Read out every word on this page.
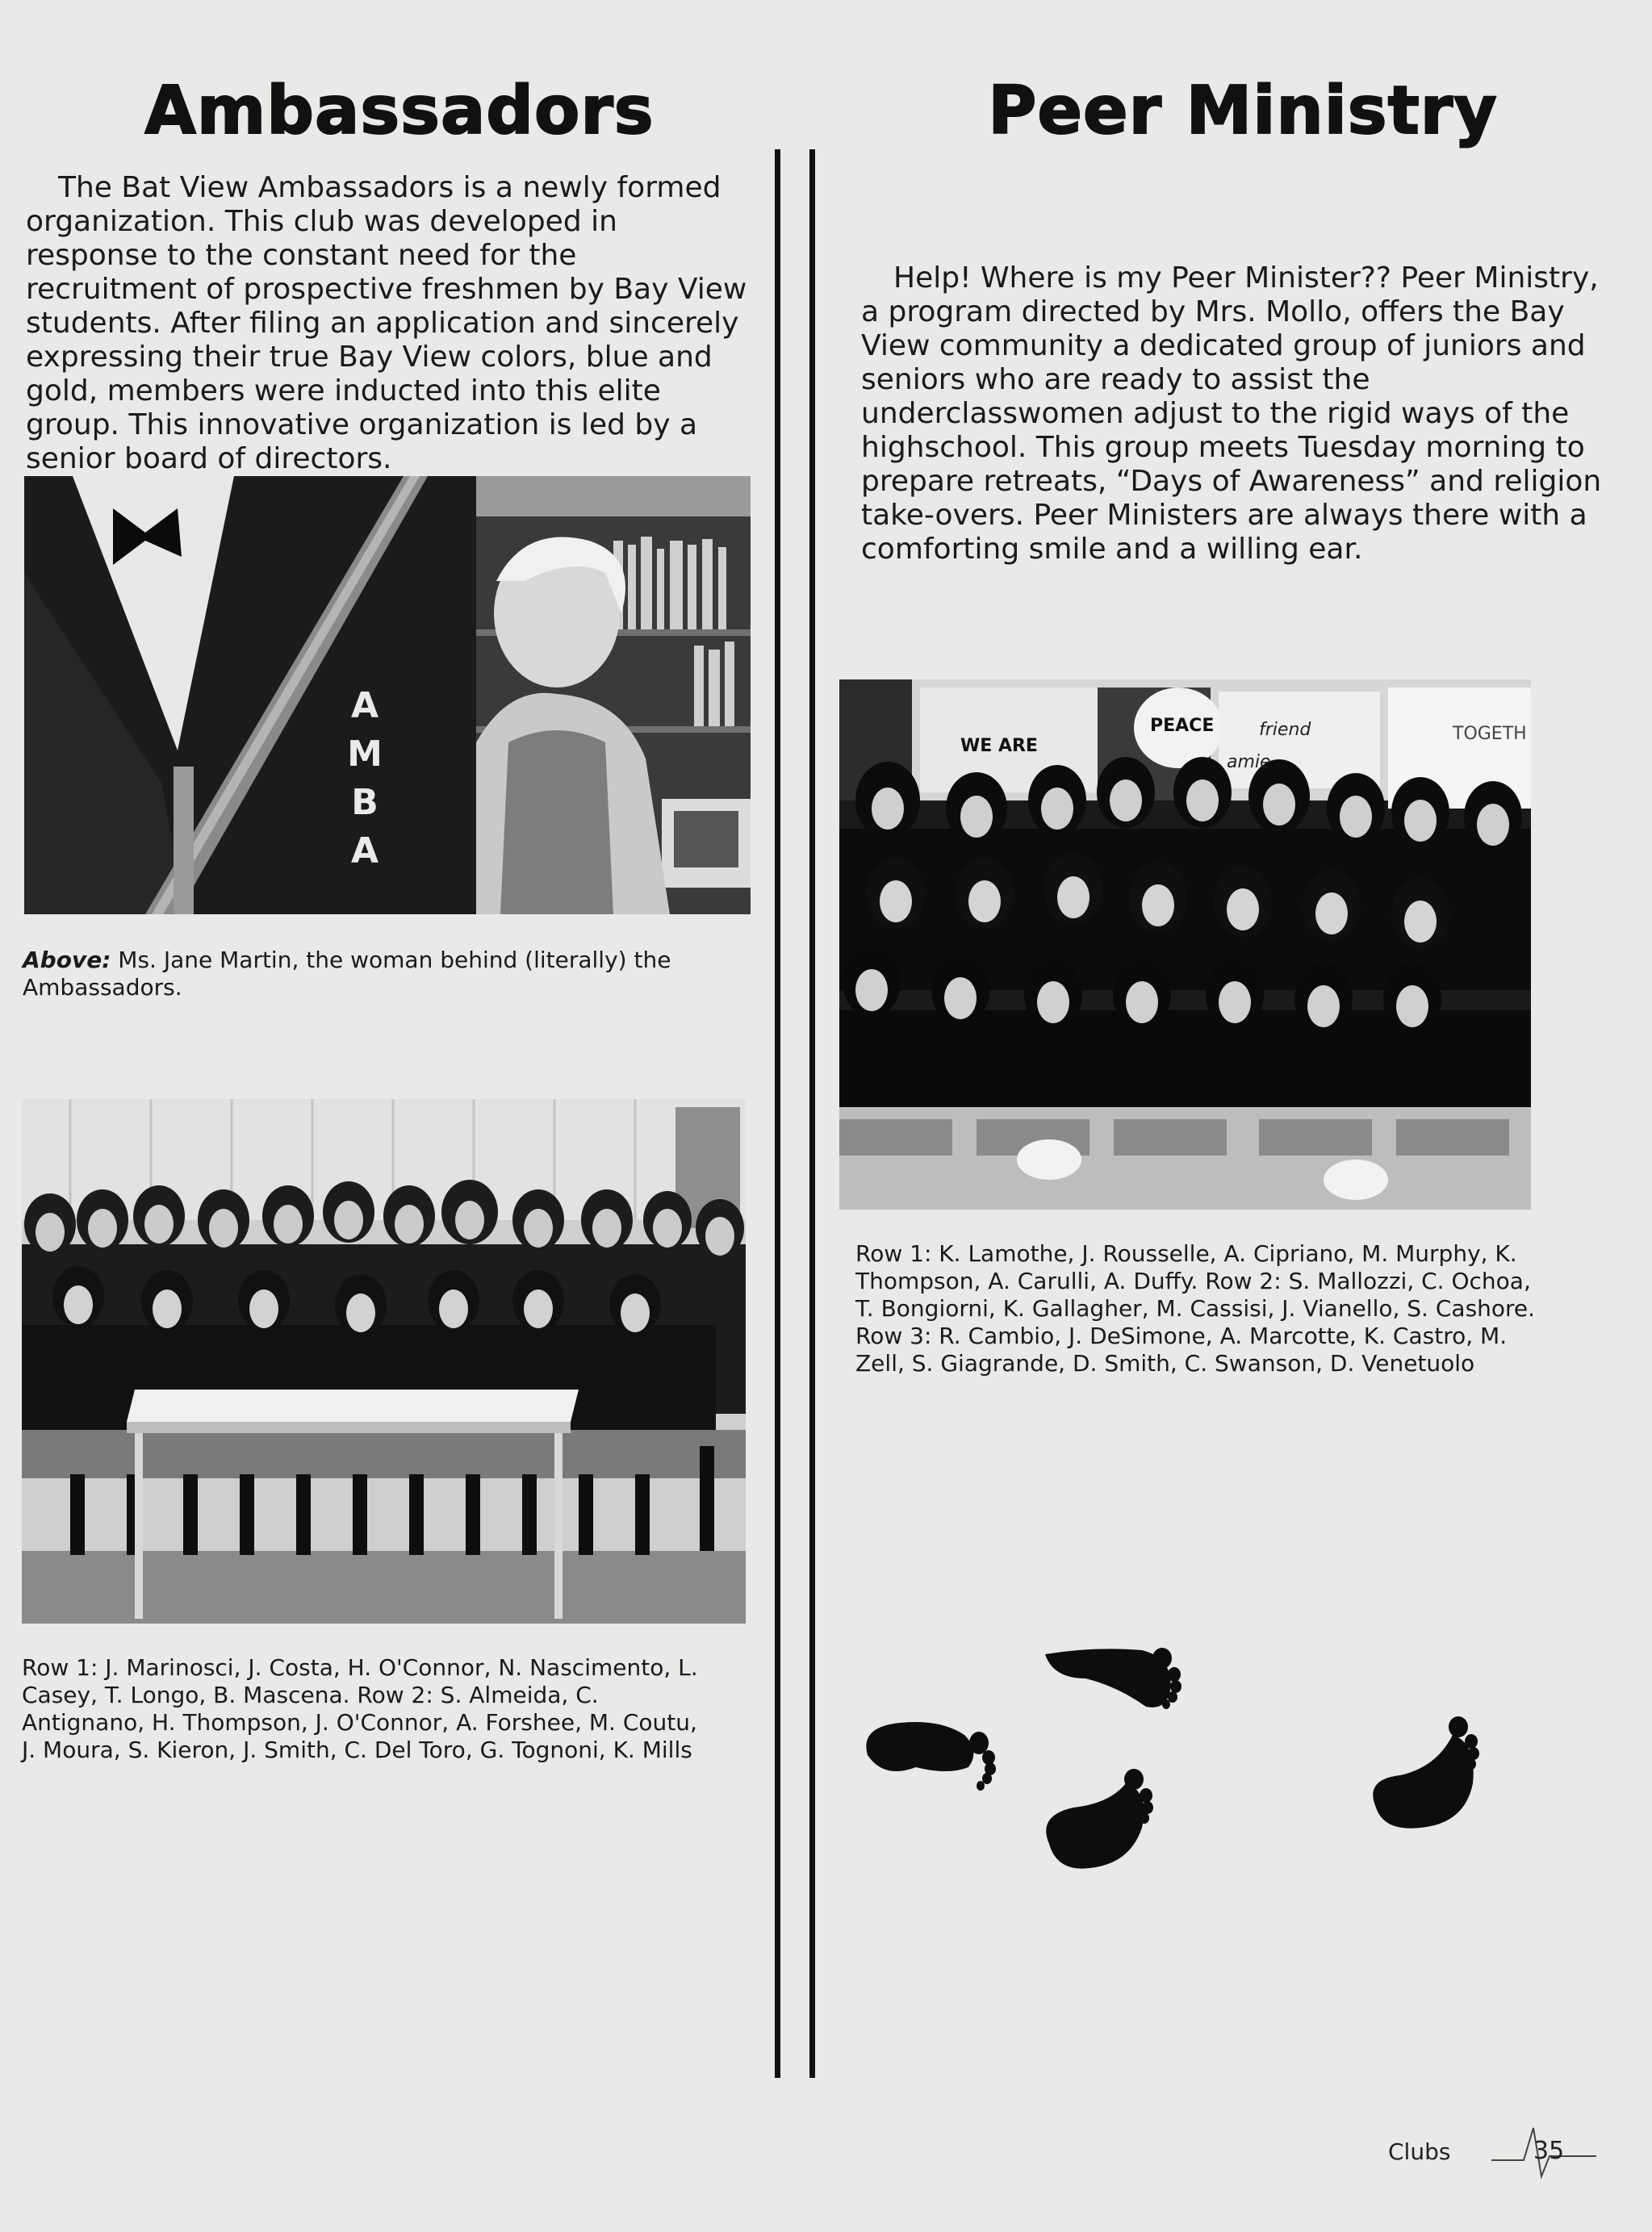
Ambassadors	Peer Ministry

The Bat View Ambassadors is a newly formed organization. This club was developed in response to the constant need for the recruitment of prospective freshmen by Bay View students. After filing an application and sincerely expressing their true Bay View colors, blue and gold, members were inducted into this elite group. This innovative organization is led by a senior board of directors.

A
M
B
A

Above: Ms. Jane Martin, the woman behind (literally) the Ambassadors.

Row 1: J. Marinosci, J. Costa, H. O'Connor, N. Nascimento, L. Casey, T. Longo, B. Mascena. Row 2: S. Almeida, C. Antignano, H. Thompson, J. O'Connor, A. Forshee, M. Coutu, J. Moura, S. Kieron, J. Smith, C. Del Toro, G. Tognoni, K. Mills

Help! Where is my Peer Minister?? Peer Ministry, a program directed by Mrs. Mollo, offers the Bay View community a dedicated group of juniors and seniors who are ready to assist the underclasswomen adjust to the rigid ways of the highschool. This group meets Tuesday morning to prepare retreats, “Days of Awareness” and religion take-overs. Peer Ministers are always there with a comforting smile and a willing ear.

WE ARE
PEACE	friend
amie
TOGETH

Row 1: K. Lamothe, J. Rousselle, A. Cipriano, M. Murphy, K. Thompson, A. Carulli, A. Duffy. Row 2: S. Mallozzi, C. Ochoa, T. Bongiorni, K. Gallagher, M. Cassisi, J. Vianello, S. Cashore. Row 3: R. Cambio, J. DeSimone, A. Marcotte, K. Castro, M. Zell, S. Giagrande, D. Smith, C. Swanson, D. Venetuolo

Clubs	35
